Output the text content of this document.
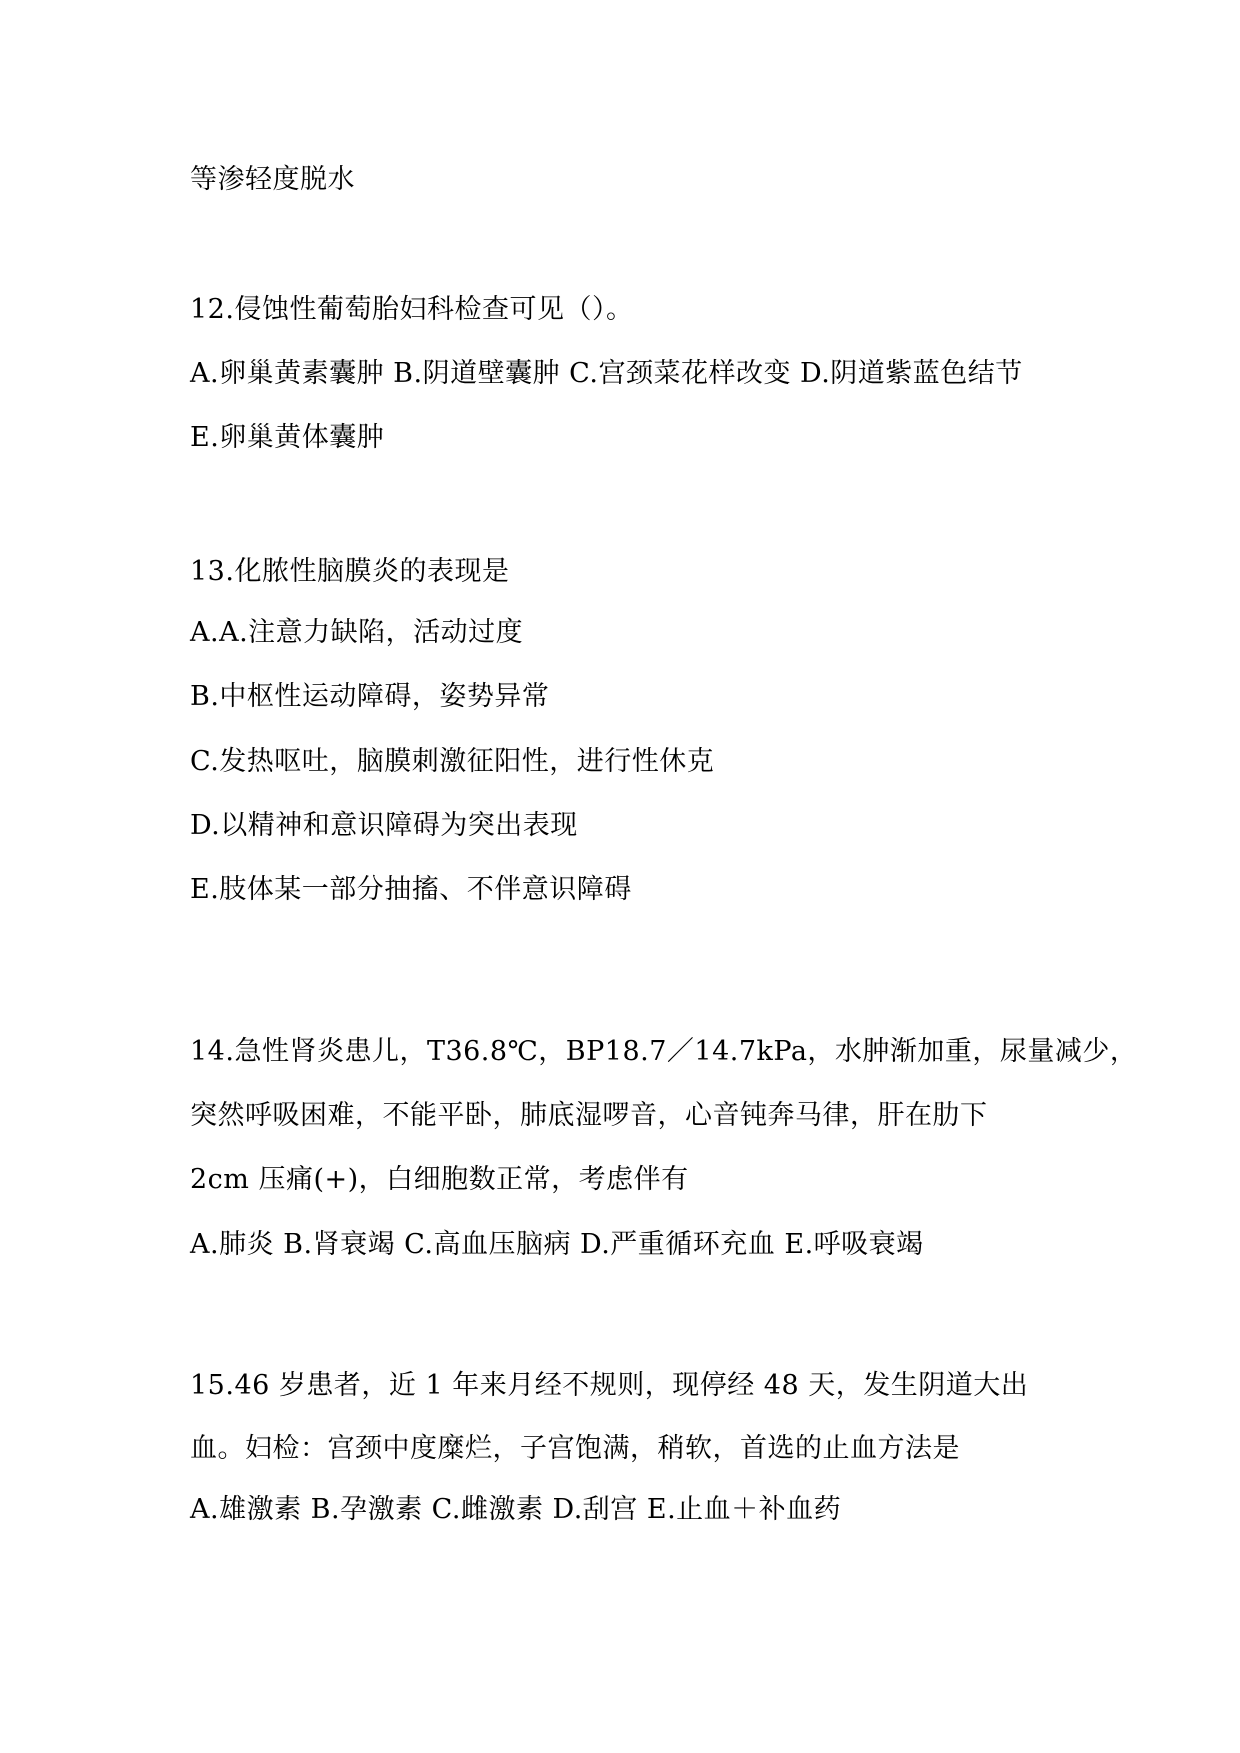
等渗轻度脱水
12.侵蚀性葡萄胎妇科检查可见（）。
A.卵巢黄素囊肿 B.阴道壁囊肿 C.宫颈菜花样改变 D.阴道紫蓝色结节
E.卵巢黄体囊肿
13.化脓性脑膜炎的表现是
A.A.注意力缺陷，活动过度
B.中枢性运动障碍，姿势异常
C.发热呕吐，脑膜刺激征阳性，进行性休克
D.以精神和意识障碍为突出表现
E.肢体某一部分抽搐、不伴意识障碍
14.急性肾炎患儿，T36.8℃，BP18.7／14.7kPa，水肿渐加重，尿量减少，
突然呼吸困难，不能平卧，肺底湿啰音，心音钝奔马律，肝在肋下
2cm 压痛(+)，白细胞数正常，考虑伴有
A.肺炎 B.肾衰竭 C.高血压脑病 D.严重循环充血 E.呼吸衰竭
15.46 岁患者，近 1 年来月经不规则，现停经 48 天，发生阴道大出
血。妇检：宫颈中度糜烂，子宫饱满，稍软，首选的止血方法是
A.雄激素 B.孕激素 C.雌激素 D.刮宫 E.止血＋补血药
